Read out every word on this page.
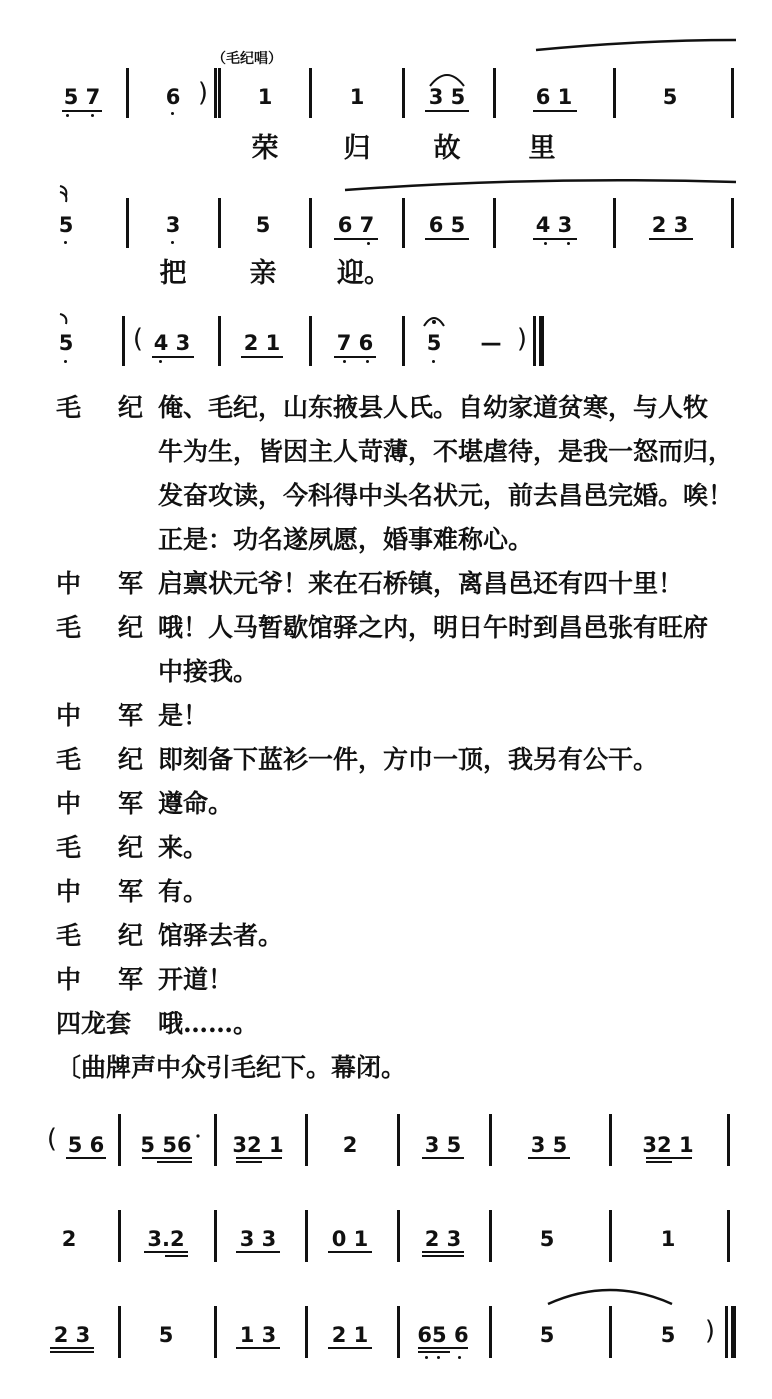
（毛纪唱）
5 7	6 ) 1	1	3 5	6 1	5
荣 归 故	里
5	3	5	6 7	6 5	4 3	2 3
把 亲 迎。
5 ( 4 3	2 1	7 6	5 — )
毛　纪 俺、毛纪，山东掖县人氏。自幼家道贫寒，与人牧
牛为生，皆因主人苛薄，不堪虐待，是我一怒而归，
发奋攻读，今科得中头名状元，前去昌邑完婚。唉！
正是：功名遂夙愿，婚事难称心。
中　军 启禀状元爷！来在石桥镇，离昌邑还有四十里！
毛　纪 哦！人马暂歇馆驿之内，明日午时到昌邑张有旺府
中接我。
中　军 是！
毛　纪 即刻备下蓝衫一件，方巾一顶，我另有公干。
中　军 遵命。
毛　纪 来。
中　军 有。
毛　纪 馆驿去者。
中　军 开道！
四龙套	哦……。
〔曲牌声中众引毛纪下。幕闭。
( 5 6 5 56 32 1	2	3 5	3 5	32 1
2	3.2	3 3	0 1	2 3	5	1
2 3	5	1 3	2 1 65 6	5	5 )
